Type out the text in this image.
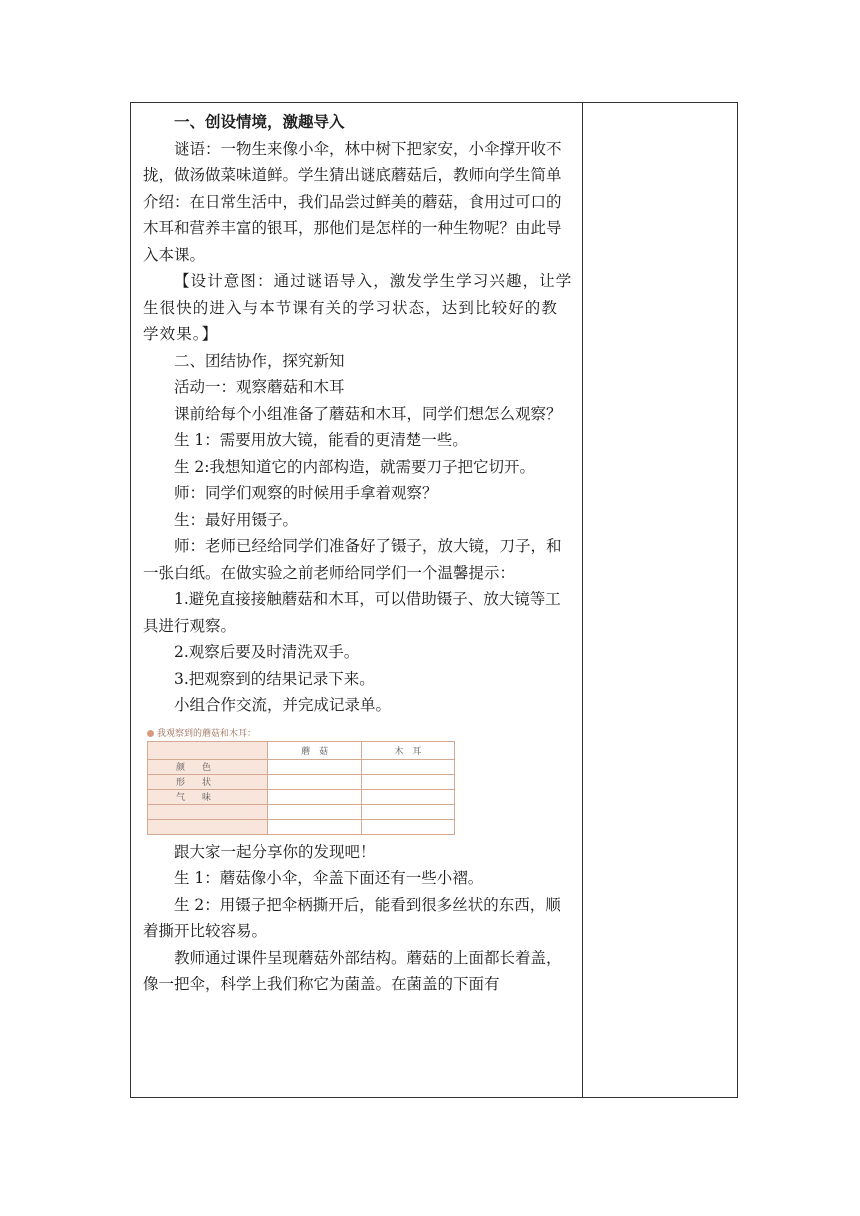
一、创设情境，激趣导入

谜语：一物生来像小伞，林中树下把家安，小伞撑开收不拢，做汤做菜味道鲜。学生猜出谜底蘑菇后，教师向学生简单介绍：在日常生活中，我们品尝过鲜美的蘑菇，食用过可口的木耳和营养丰富的银耳，那他们是怎样的一种生物呢？由此导入本课。

【设计意图：通过谜语导入，激发学生学习兴趣，让学生很快的进入与本节课有关的学习状态，达到比较好的教学效果。】

二、团结协作，探究新知

活动一：观察蘑菇和木耳

课前给每个小组准备了蘑菇和木耳，同学们想怎么观察？

生 1：需要用放大镜，能看的更清楚一些。

生 2:我想知道它的内部构造，就需要刀子把它切开。

师：同学们观察的时候用手拿着观察？

生：最好用镊子。

师：老师已经给同学们准备好了镊子，放大镜，刀子，和一张白纸。在做实验之前老师给同学们一个温馨提示：

1.避免直接接触蘑菇和木耳，可以借助镊子、放大镜等工具进行观察。

2.观察后要及时清洗双手。

3.把观察到的结果记录下来。

小组合作交流，并完成记录单。

我观察到的蘑菇和木耳：
	蘑　菇	木　耳
颜　色		
形　状		
气　味		

跟大家一起分享你的发现吧！

生 1：蘑菇像小伞，伞盖下面还有一些小褶。

生 2：用镊子把伞柄撕开后，能看到很多丝状的东西，顺着撕开比较容易。

教师通过课件呈现蘑菇外部结构。蘑菇的上面都长着盖，像一把伞，科学上我们称它为菌盖。在菌盖的下面有
